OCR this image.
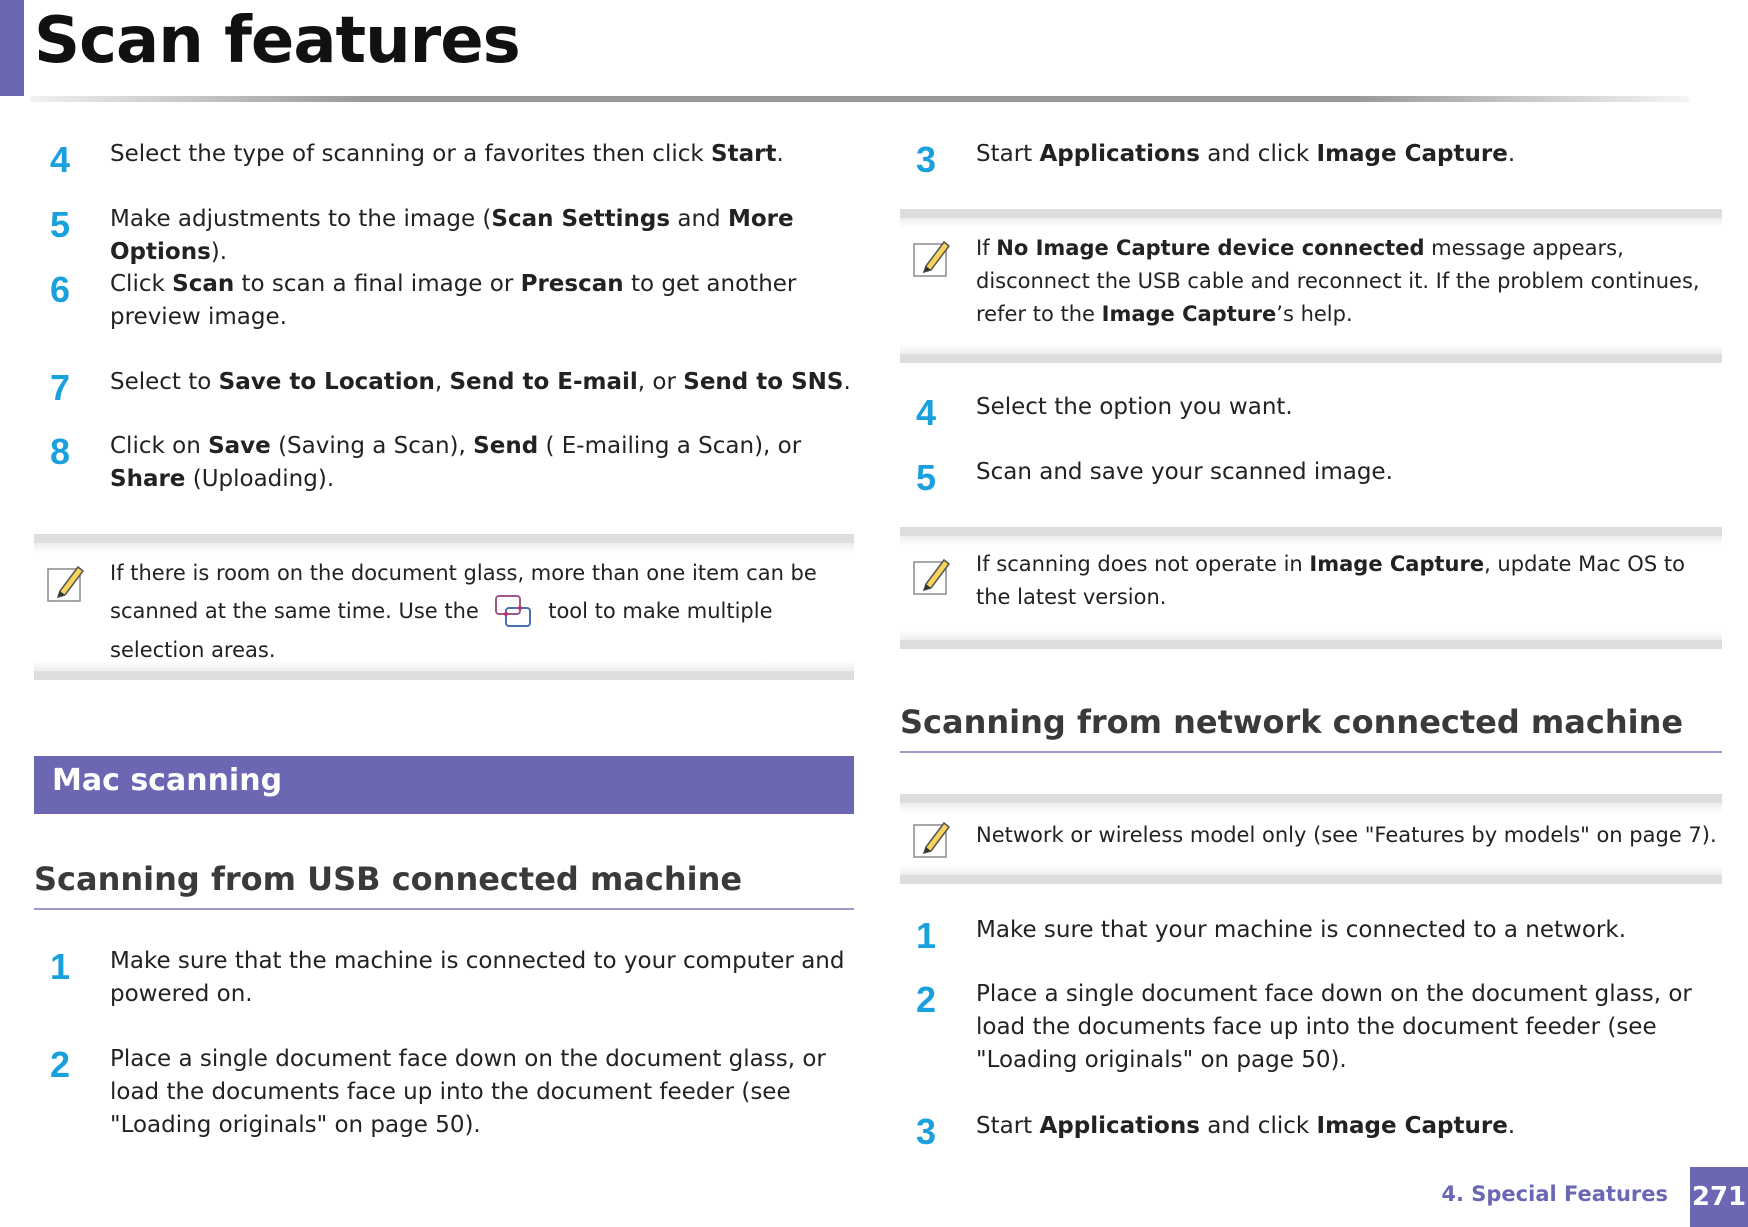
Scan features
4 Select the type of scanning or a favorites then click Start.
5 Make adjustments to the image (Scan Settings and More Options).
6 Click Scan to scan a final image or Prescan to get another preview image.
7 Select to Save to Location, Send to E-mail, or Send to SNS.
8 Click on Save (Saving a Scan), Send ( E-mailing a Scan), or Share (Uploading).
If there is room on the document glass, more than one item can be scanned at the same time. Use the	tool to make multiple selection areas.
Mac scanning
Scanning from USB connected machine
1 Make sure that the machine is connected to your computer and powered on.
2 Place a single document face down on the document glass, or load the documents face up into the document feeder (see "Loading originals" on page 50).
3 Start Applications and click Image Capture.
If No Image Capture device connected message appears, disconnect the USB cable and reconnect it. If the problem continues, refer to the Image Capture’s help.
4 Select the option you want.
5 Scan and save your scanned image.
If scanning does not operate in Image Capture, update Mac OS to the latest version.
Scanning from network connected machine
Network or wireless model only (see "Features by models" on page 7).
1 Make sure that your machine is connected to a network.
2 Place a single document face down on the document glass, or load the documents face up into the document feeder (see "Loading originals" on page 50).
3 Start Applications and click Image Capture.
4. Special Features 271
